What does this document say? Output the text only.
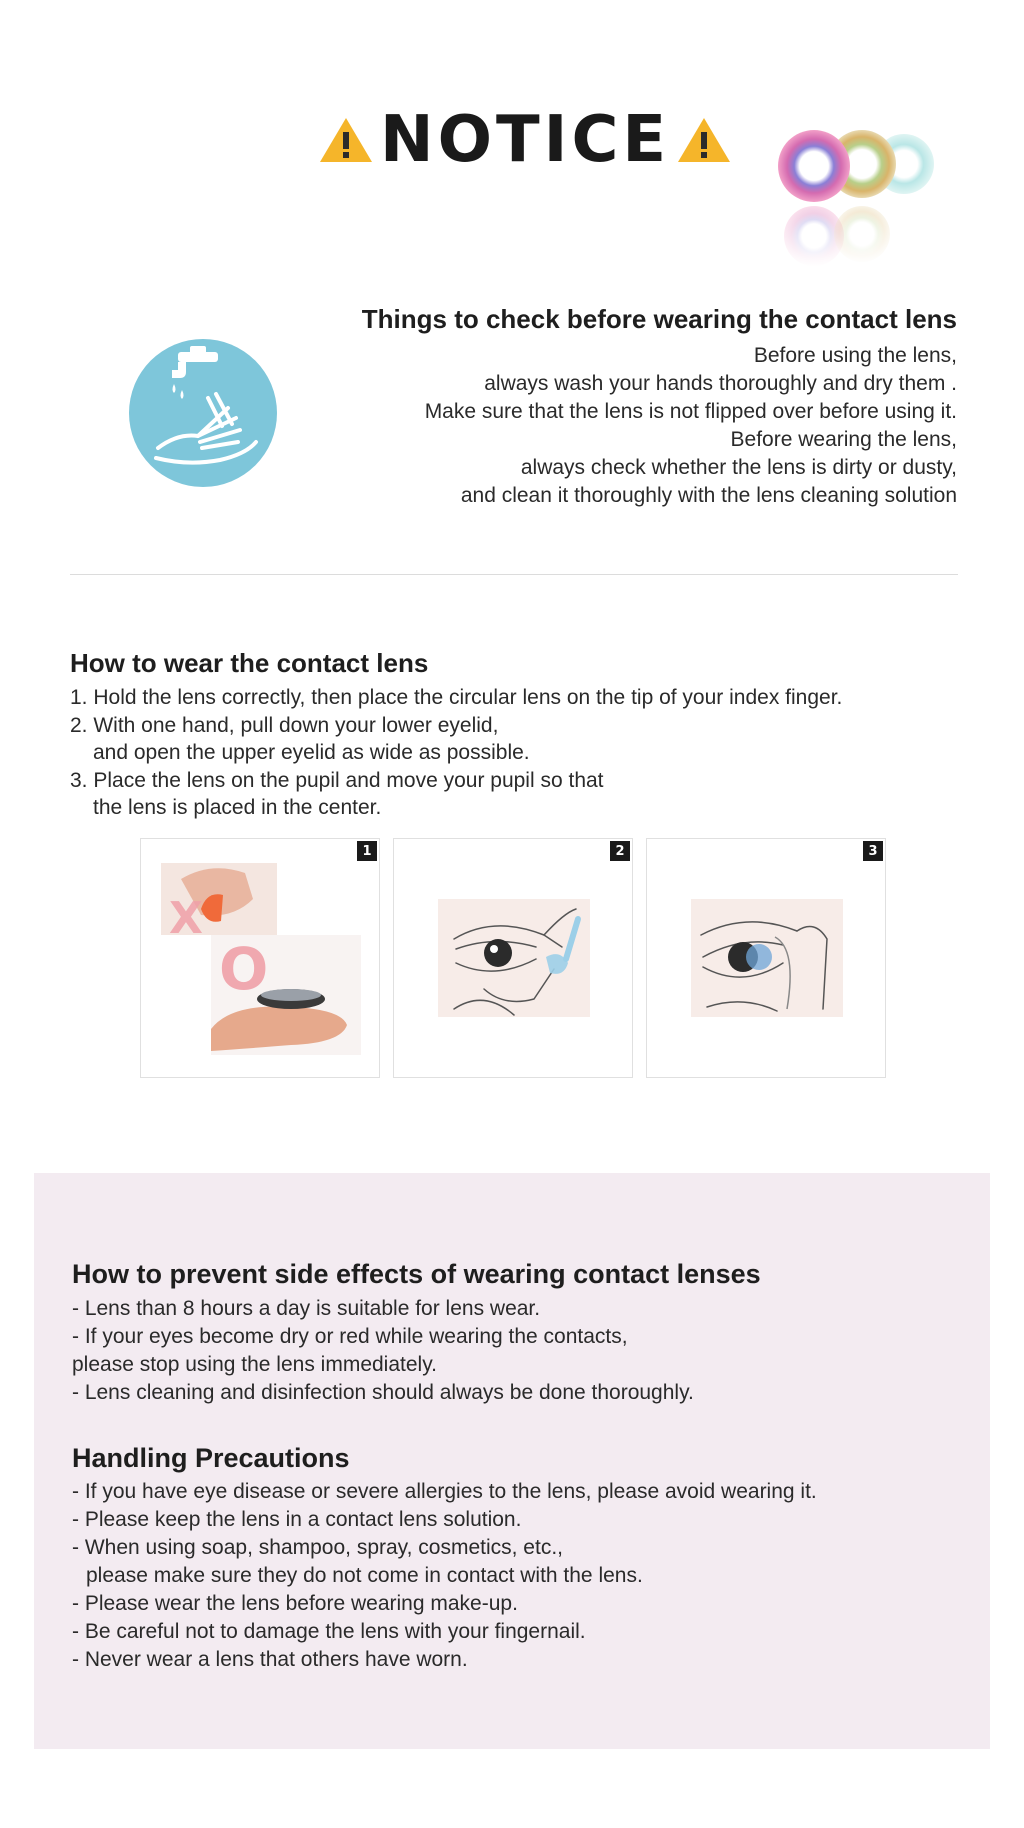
NOTICE
Things to check before wearing the contact lens
Before using the lens,
always wash your hands thoroughly and dry them .
Make sure that the lens is not flipped over before using it.
Before wearing the lens,
always check whether the lens is dirty or dusty,
and clean it thoroughly with the lens cleaning solution
How to wear the contact lens
1. Hold the lens correctly, then place the circular lens on the tip of your index finger.
2. With one hand, pull down your lower eyelid,
and open the upper eyelid as wide as possible.
3. Place the lens on the pupil and move your pupil so that
the lens is placed in the center.
X
O
1	2	3
How to prevent side effects of wearing contact lenses
- Lens than 8 hours a day is suitable for lens wear.
- If your eyes become dry or red while wearing the contacts,
please stop using the lens immediately.
- Lens cleaning and disinfection should always be done thoroughly.
Handling Precautions
- If you have eye disease or severe allergies to the lens, please avoid wearing it.
- Please keep the lens in a contact lens solution.
- When using soap, shampoo, spray, cosmetics, etc.,
please make sure they do not come in contact with the lens.
- Please wear the lens before wearing make-up.
- Be careful not to damage the lens with your fingernail.
- Never wear a lens that others have worn.
